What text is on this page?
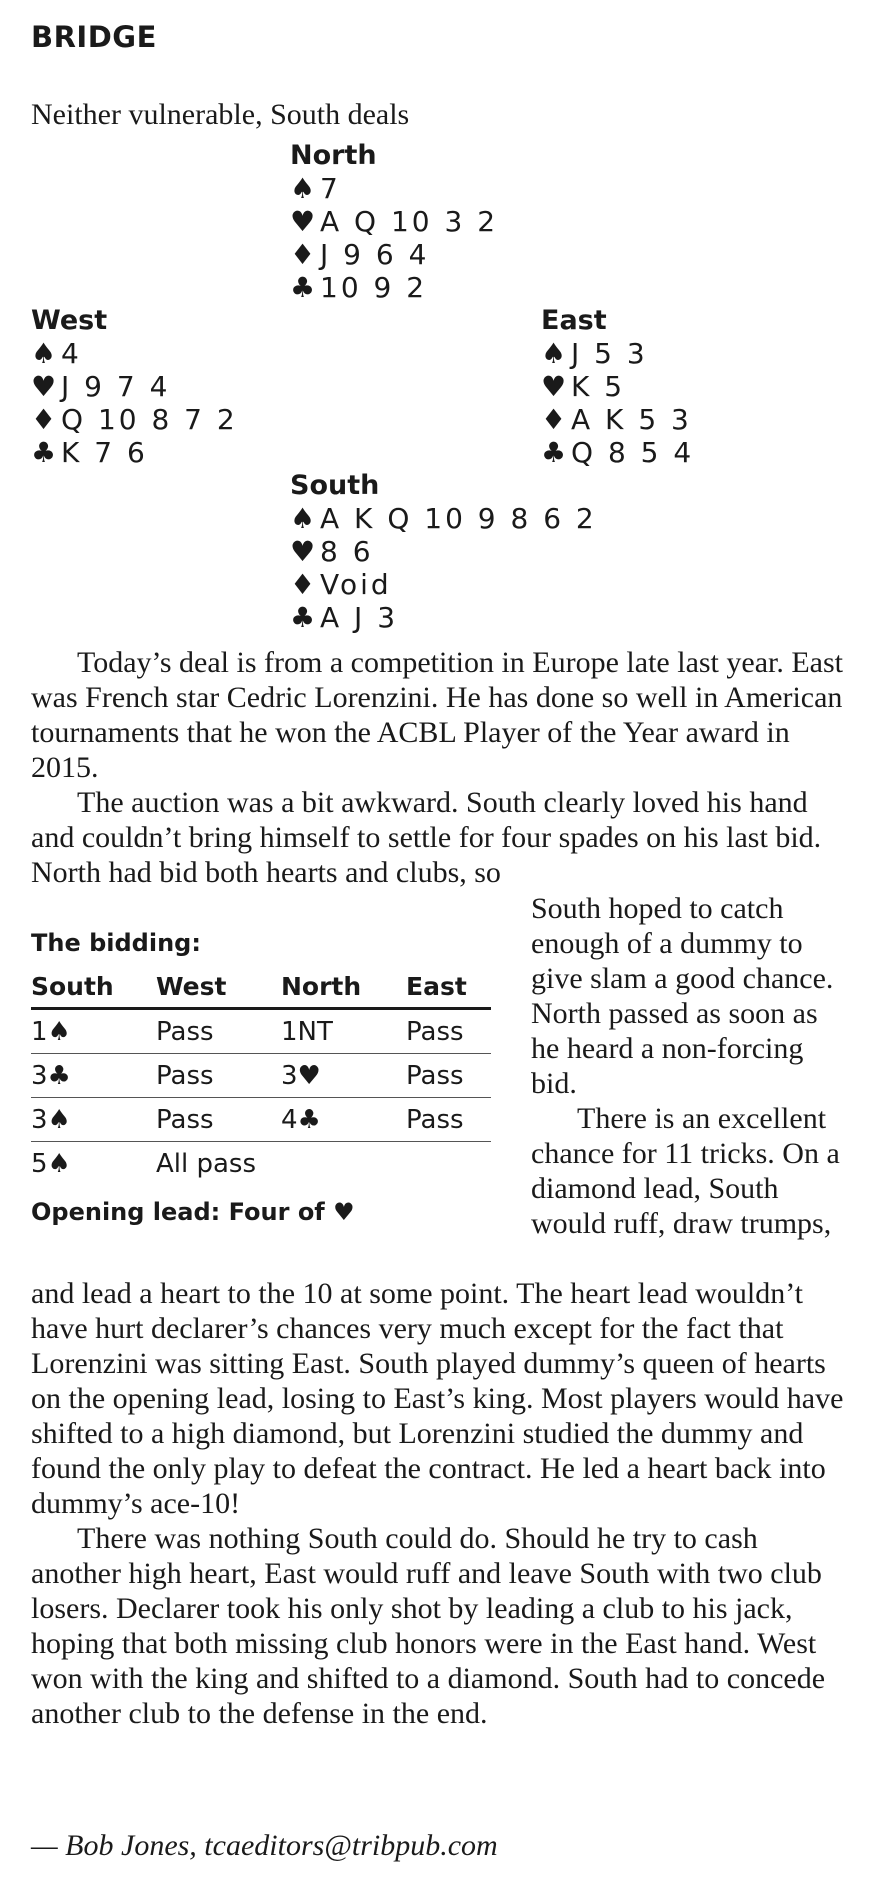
BRIDGE
Neither vulnerable, South deals
North
♠ 7
♥ A Q 10 3 2
♦ J 9 6 4
♣ 10 9 2
West
♠ 4
♥ J 9 7 4
♦ Q 10 8 7 2
♣ K 7 6
East
♠ J 5 3
♥ K 5
♦ A K 5 3
♣ Q 8 5 4
South
♠ A K Q 10 9 8 6 2
♥ 8 6
♦ Void
♣ A J 3

Today’s deal is from a competition in Europe late last year. East was French star Cedric Lorenzini. He has done so well in American tournaments that he won the ACBL Player of the Year award in 2015.

The auction was a bit awkward. South clearly loved his hand and couldn’t bring himself to settle for four spades on his last bid. North had bid both hearts and clubs, so

The bidding:
South	West	North	East
1♠	Pass	1NT	Pass
3♣	Pass	3♥	Pass
3♠	Pass	4♣	Pass
5♠	All pass		
Opening lead: Four of ♥
South hoped to catch enough of a dummy to give slam a good chance. North passed as soon as he heard a non-forcing bid.

There is an excellent chance for 11 tricks. On a diamond lead, South would ruff, draw trumps,

and lead a heart to the 10 at some point. The heart lead wouldn’t have hurt declarer’s chances very much except for the fact that Lorenzini was sitting East. South played dummy’s queen of hearts on the opening lead, losing to East’s king. Most players would have shifted to a high diamond, but Lorenzini studied the dummy and found the only play to defeat the contract. He led a heart back into dummy’s ace-10!

There was nothing South could do. Should he try to cash another high heart, East would ruff and leave South with two club losers. Declarer took his only shot by leading a club to his jack, hoping that both missing club honors were in the East hand. West won with the king and shifted to a diamond. South had to concede another club to the defense in the end.

— Bob Jones, tcaeditors@tribpub.com
